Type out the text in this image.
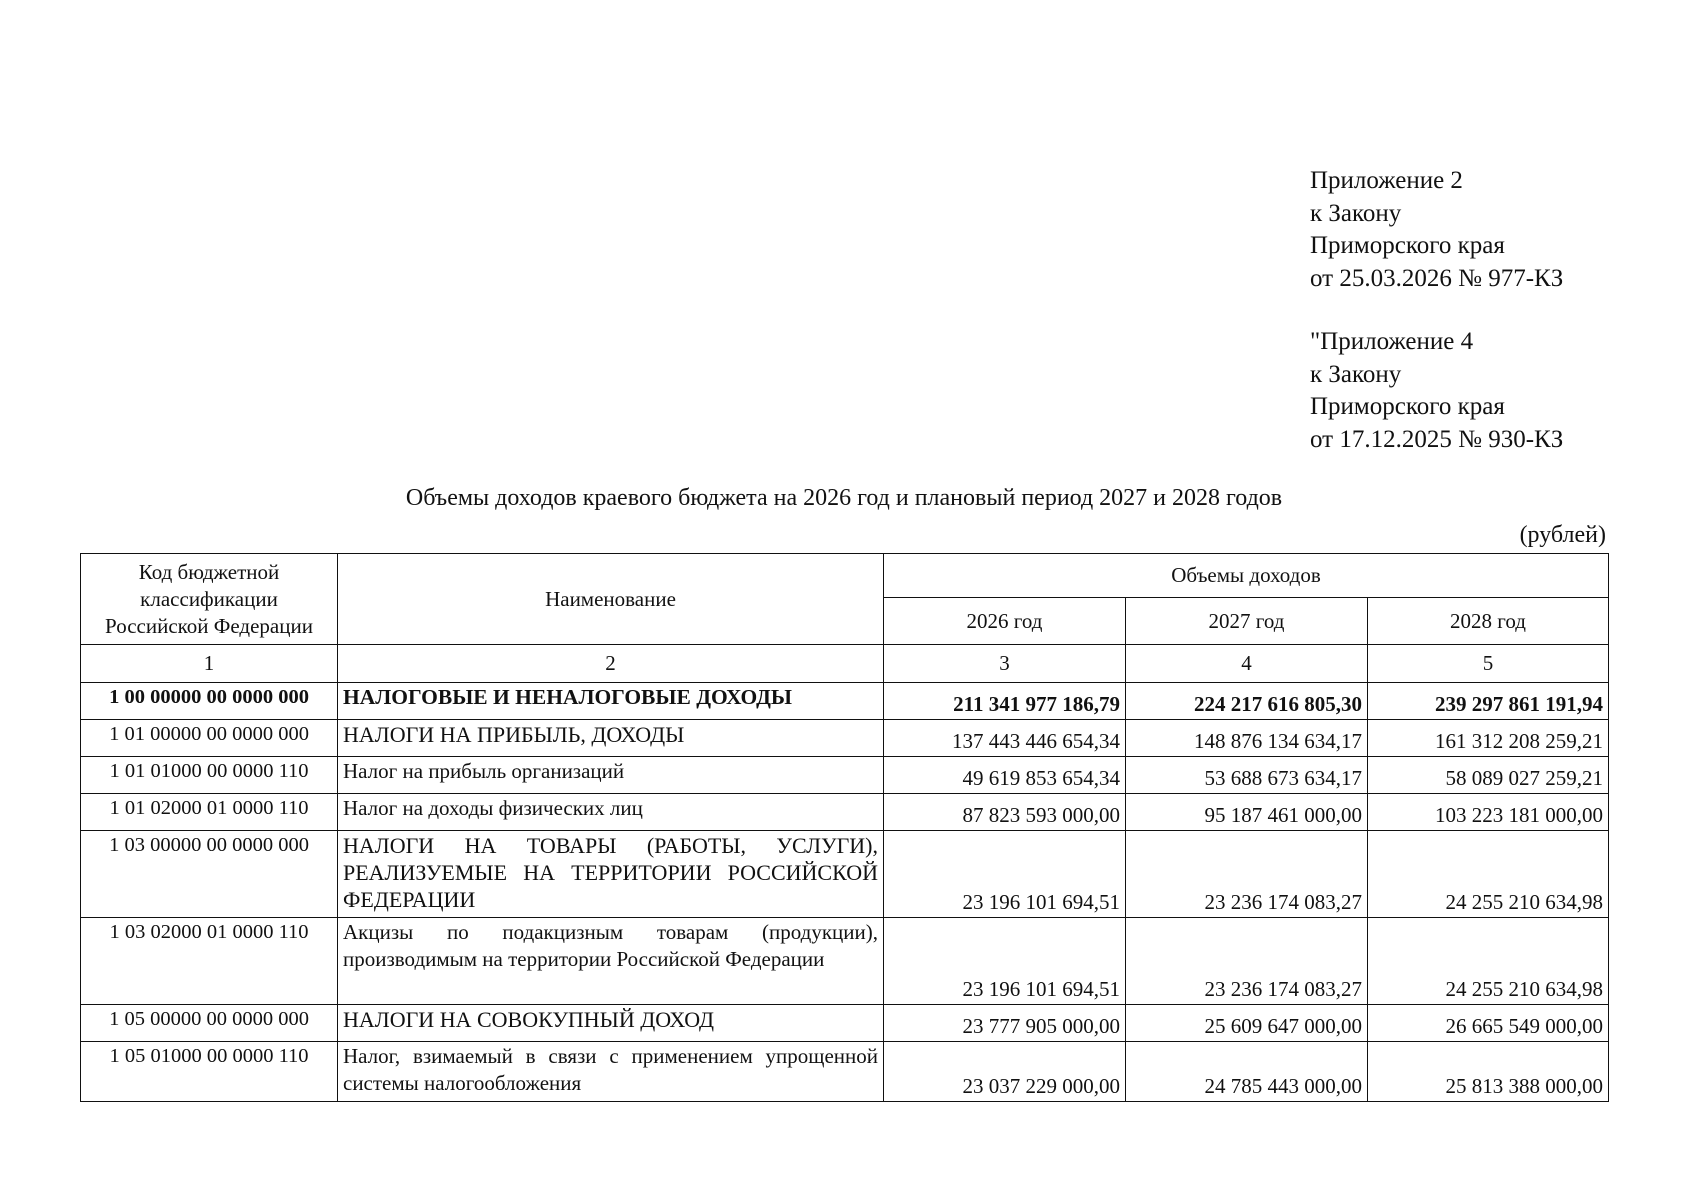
Приложение 2
к Закону
Приморского края
от 25.03.2026 № 977-КЗ
"Приложение 4
к Закону
Приморского края
от 17.12.2025 № 930-КЗ
Объемы доходов краевого бюджета на 2026 год и плановый период 2027 и 2028 годов
(рублей)
Код бюджетной классификации Российской Федерации	Наименование	Объемы доходов		
		2026 год	2027 год	2028 год
1	2	3	4	5
1 00 00000 00 0000 000	НАЛОГОВЫЕ И НЕНАЛОГОВЫЕ ДОХОДЫ	211 341 977 186,79	224 217 616 805,30	239 297 861 191,94
1 01 00000 00 0000 000	НАЛОГИ НА ПРИБЫЛЬ, ДОХОДЫ	137 443 446 654,34	148 876 134 634,17	161 312 208 259,21
1 01 01000 00 0000 110	Налог на прибыль организаций	49 619 853 654,34	53 688 673 634,17	58 089 027 259,21
1 01 02000 01 0000 110	Налог на доходы физических лиц	87 823 593 000,00	95 187 461 000,00	103 223 181 000,00
1 03 00000 00 0000 000	НАЛОГИ НА ТОВАРЫ (РАБОТЫ, УСЛУГИ), РЕАЛИЗУЕМЫЕ НА ТЕРРИТОРИИ РОССИЙСКОЙ ФЕДЕРАЦИИ	23 196 101 694,51	23 236 174 083,27	24 255 210 634,98
1 03 02000 01 0000 110	Акцизы по подакцизным товарам (продукции), производимым на территории Российской Федерации	23 196 101 694,51	23 236 174 083,27	24 255 210 634,98
1 05 00000 00 0000 000	НАЛОГИ НА СОВОКУПНЫЙ ДОХОД	23 777 905 000,00	25 609 647 000,00	26 665 549 000,00
1 05 01000 00 0000 110	Налог, взимаемый в связи с применением упрощенной системы налогообложения	23 037 229 000,00	24 785 443 000,00	25 813 388 000,00
